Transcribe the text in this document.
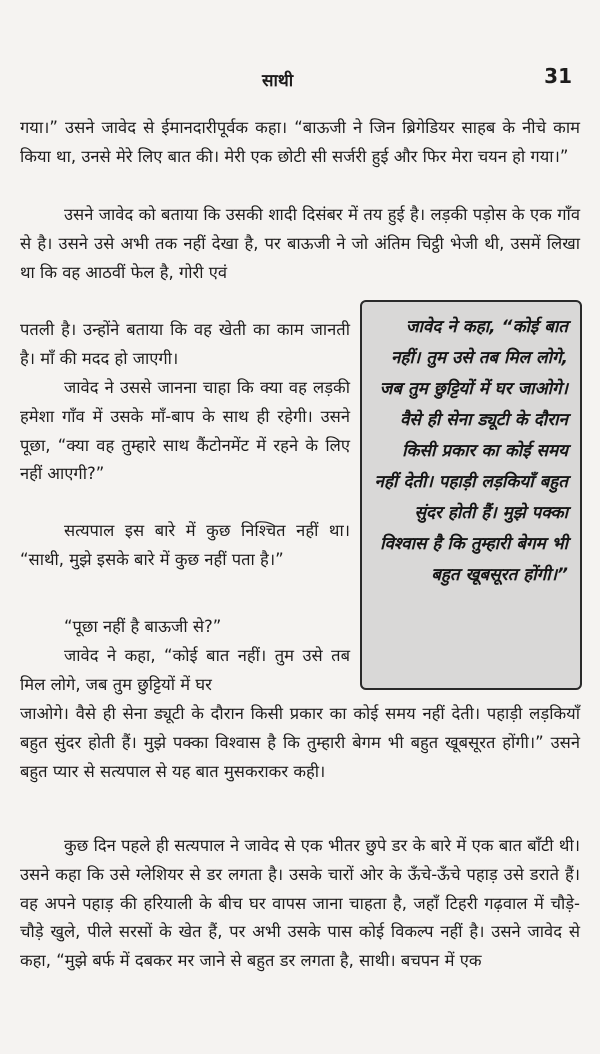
साथी	31

गया।” उसने जावेद से ईमानदारीपूर्वक कहा। “बाऊजी ने जिन ब्रिगेडियर साहब के नीचे काम किया था, उनसे मेरे लिए बात की। मेरी एक छोटी सी सर्जरी हुई और फिर मेरा चयन हो गया।”

उसने जावेद को बताया कि उसकी शादी दिसंबर में तय हुई है। लड़की पड़ोस के एक गाँव से है। उसने उसे अभी तक नहीं देखा है, पर बाऊजी ने जो अंतिम चिट्ठी भेजी थी, उसमें लिखा था कि वह आठवीं फेल है, गोरी एवं

पतली है। उन्होंने बताया कि वह खेती का काम जानती है। माँ की मदद हो जाएगी।

जावेद ने उससे जानना चाहा कि क्या वह लड़की हमेशा गाँव में उसके माँ-बाप के साथ ही रहेगी। उसने पूछा, “क्या वह तुम्हारे साथ कैंटोनमेंट में रहने के लिए नहीं आएगी?”

सत्यपाल इस बारे में कुछ निश्चित नहीं था। “साथी, मुझे इसके बारे में कुछ नहीं पता है।”

“पूछा नहीं है बाऊजी से?”

जावेद ने कहा, “कोई बात नहीं। तुम उसे तब मिल लोगे, जब तुम छुट्टियों में घर

जाओगे। वैसे ही सेना ड्यूटी के दौरान किसी प्रकार का कोई समय नहीं देती। पहाड़ी लड़कियाँ बहुत सुंदर होती हैं। मुझे पक्का विश्वास है कि तुम्हारी बेगम भी बहुत खूबसूरत होंगी।” उसने बहुत प्यार से सत्यपाल से यह बात मुसकराकर कही।

कुछ दिन पहले ही सत्यपाल ने जावेद से एक भीतर छुपे डर के बारे में एक बात बाँटी थी। उसने कहा कि उसे ग्लेशियर से डर लगता है। उसके चारों ओर के ऊँचे-ऊँचे पहाड़ उसे डराते हैं। वह अपने पहाड़ की हरियाली के बीच घर वापस जाना चाहता है, जहाँ टिहरी गढ़वाल में चौड़े-चौड़े खुले, पीले सरसों के खेत हैं, पर अभी उसके पास कोई विकल्प नहीं है। उसने जावेद से कहा, “मुझे बर्फ में दबकर मर जाने से बहुत डर लगता है, साथी। बचपन में एक

जावेद ने कहा, “कोई बात नहीं। तुम उसे तब मिल लोगे, जब तुम छुट्टियों में घर जाओगे। वैसे ही सेना ड्यूटी के दौरान किसी प्रकार का कोई समय नहीं देती। पहाड़ी लड़कियाँ बहुत सुंदर होती हैं। मुझे पक्का विश्वास है कि तुम्हारी बेगम भी बहुत खूबसूरत होंगी।”
